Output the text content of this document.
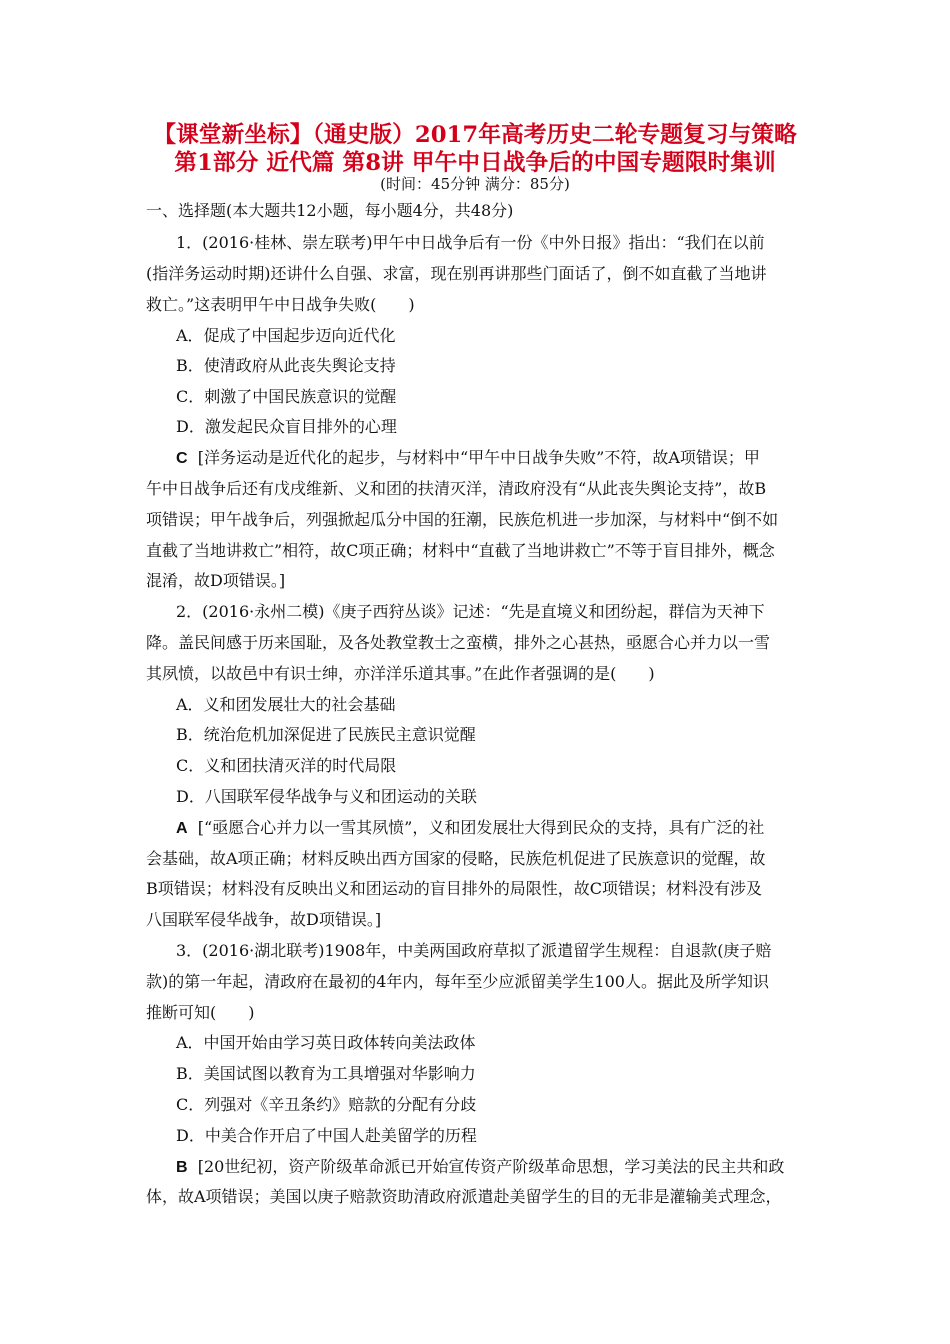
【课堂新坐标】（通史版）2017年高考历史二轮专题复习与策略
第1部分 近代篇 第8讲 甲午中日战争后的中国专题限时集训
(时间：45分钟 满分：85分)
一、选择题(本大题共12小题，每小题4分，共48分)
1．(2016·桂林、崇左联考)甲午中日战争后有一份《中外日报》指出：“我们在以前
(指洋务运动时期)还讲什么自强、求富，现在别再讲那些门面话了，倒不如直截了当地讲
救亡。”这表明甲午中日战争失败(　　)
A．促成了中国起步迈向近代化
B．使清政府从此丧失舆论支持
C．刺激了中国民族意识的觉醒
D．激发起民众盲目排外的心理
C [洋务运动是近代化的起步，与材料中“甲午中日战争失败”不符，故A项错误；甲
午中日战争后还有戊戌维新、义和团的扶清灭洋，清政府没有“从此丧失舆论支持”，故B
项错误；甲午战争后，列强掀起瓜分中国的狂潮，民族危机进一步加深，与材料中“倒不如
直截了当地讲救亡”相符，故C项正确；材料中“直截了当地讲救亡”不等于盲目排外，概念
混淆，故D项错误。]
2．(2016·永州二模)《庚子西狩丛谈》记述：“先是直境义和团纷起，群信为天神下
降。盖民间感于历来国耻，及各处教堂教士之蛮横，排外之心甚热，亟愿合心并力以一雪
其夙愤，以故邑中有识士绅，亦洋洋乐道其事。”在此作者强调的是(　　)
A．义和团发展壮大的社会基础
B．统治危机加深促进了民族民主意识觉醒
C．义和团扶清灭洋的时代局限
D．八国联军侵华战争与义和团运动的关联
A [“亟愿合心并力以一雪其夙愤”，义和团发展壮大得到民众的支持，具有广泛的社
会基础，故A项正确；材料反映出西方国家的侵略，民族危机促进了民族意识的觉醒，故
B项错误；材料没有反映出义和团运动的盲目排外的局限性，故C项错误；材料没有涉及
八国联军侵华战争，故D项错误。]
3．(2016·湖北联考)1908年，中美两国政府草拟了派遣留学生规程：自退款(庚子赔
款)的第一年起，清政府在最初的4年内，每年至少应派留美学生100人。据此及所学知识
推断可知(　　)
A．中国开始由学习英日政体转向美法政体
B．美国试图以教育为工具增强对华影响力
C．列强对《辛丑条约》赔款的分配有分歧
D．中美合作开启了中国人赴美留学的历程
B [20世纪初，资产阶级革命派已开始宣传资产阶级革命思想，学习美法的民主共和政
体，故A项错误；美国以庚子赔款资助清政府派遣赴美留学生的目的无非是灌输美式理念，
